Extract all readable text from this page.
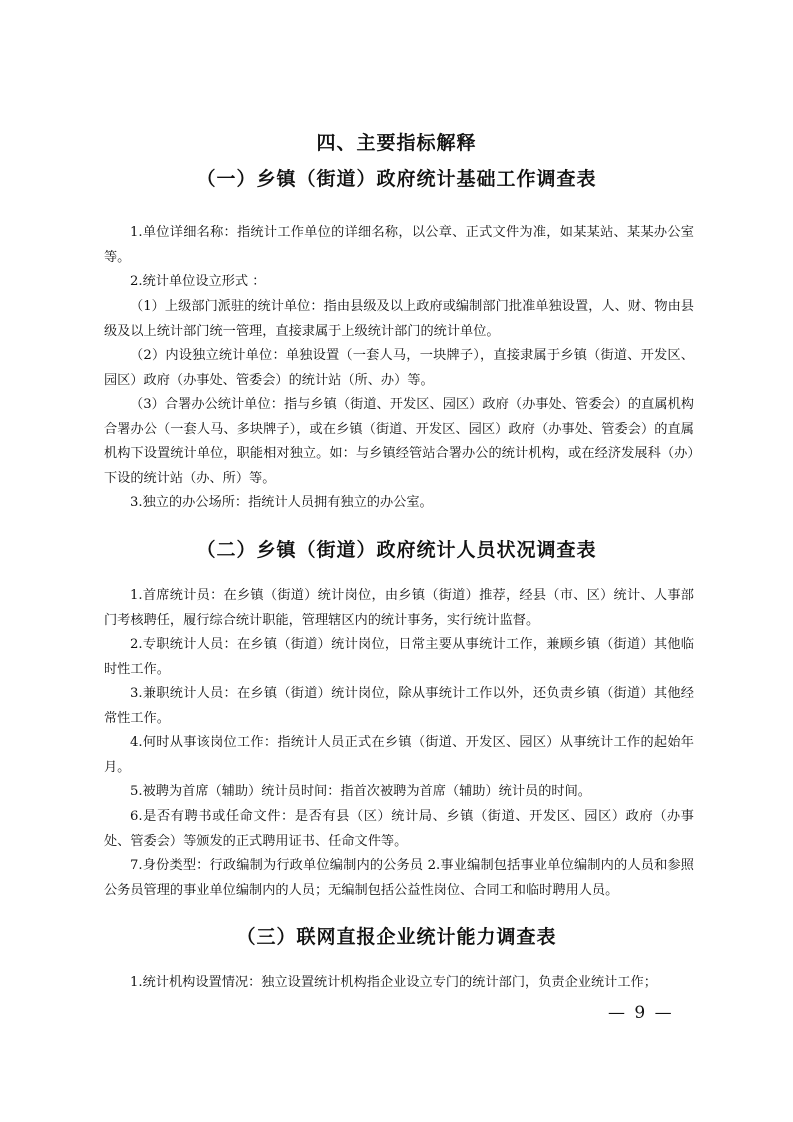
四、主要指标解释
（一）乡镇（街道）政府统计基础工作调查表

1.单位详细名称：指统计工作单位的详细名称，以公章、正式文件为准，如某某站、某某办公室等。

2.统计单位设立形式 ：

（1）上级部门派驻的统计单位：指由县级及以上政府或编制部门批准单独设置，人、财、物由县级及以上统计部门统一管理，直接隶属于上级统计部门的统计单位。

（2）内设独立统计单位：单独设置（一套人马，一块牌子），直接隶属于乡镇（街道、开发区、园区）政府（办事处、管委会）的统计站（所、办）等。

（3）合署办公统计单位：指与乡镇（街道、开发区、园区）政府（办事处、管委会）的直属机构合署办公（一套人马、多块牌子），或在乡镇（街道、开发区、园区）政府（办事处、管委会）的直属机构下设置统计单位，职能相对独立。如：与乡镇经管站合署办公的统计机构，或在经济发展科（办）下设的统计站（办、所）等。

3.独立的办公场所：指统计人员拥有独立的办公室。

（二）乡镇（街道）政府统计人员状况调查表

1.首席统计员：在乡镇（街道）统计岗位，由乡镇（街道）推荐，经县（市、区）统计、人事部门考核聘任，履行综合统计职能，管理辖区内的统计事务，实行统计监督。

2.专职统计人员：在乡镇（街道）统计岗位，日常主要从事统计工作，兼顾乡镇（街道）其他临时性工作。

3.兼职统计人员：在乡镇（街道）统计岗位，除从事统计工作以外，还负责乡镇（街道）其他经常性工作。

4.何时从事该岗位工作：指统计人员正式在乡镇（街道、开发区、园区）从事统计工作的起始年月。

5.被聘为首席（辅助）统计员时间：指首次被聘为首席（辅助）统计员的时间。

6.是否有聘书或任命文件：是否有县（区）统计局、乡镇（街道、开发区、园区）政府（办事处、管委会）等颁发的正式聘用证书、任命文件等。

7.身份类型：行政编制为行政单位编制内的公务员 2.事业编制包括事业单位编制内的人员和参照公务员管理的事业单位编制内的人员；无编制包括公益性岗位、合同工和临时聘用人员。

（三）联网直报企业统计能力调查表

1.统计机构设置情况：独立设置统计机构指企业设立专门的统计部门，负责企业统计工作；

— 9 —
